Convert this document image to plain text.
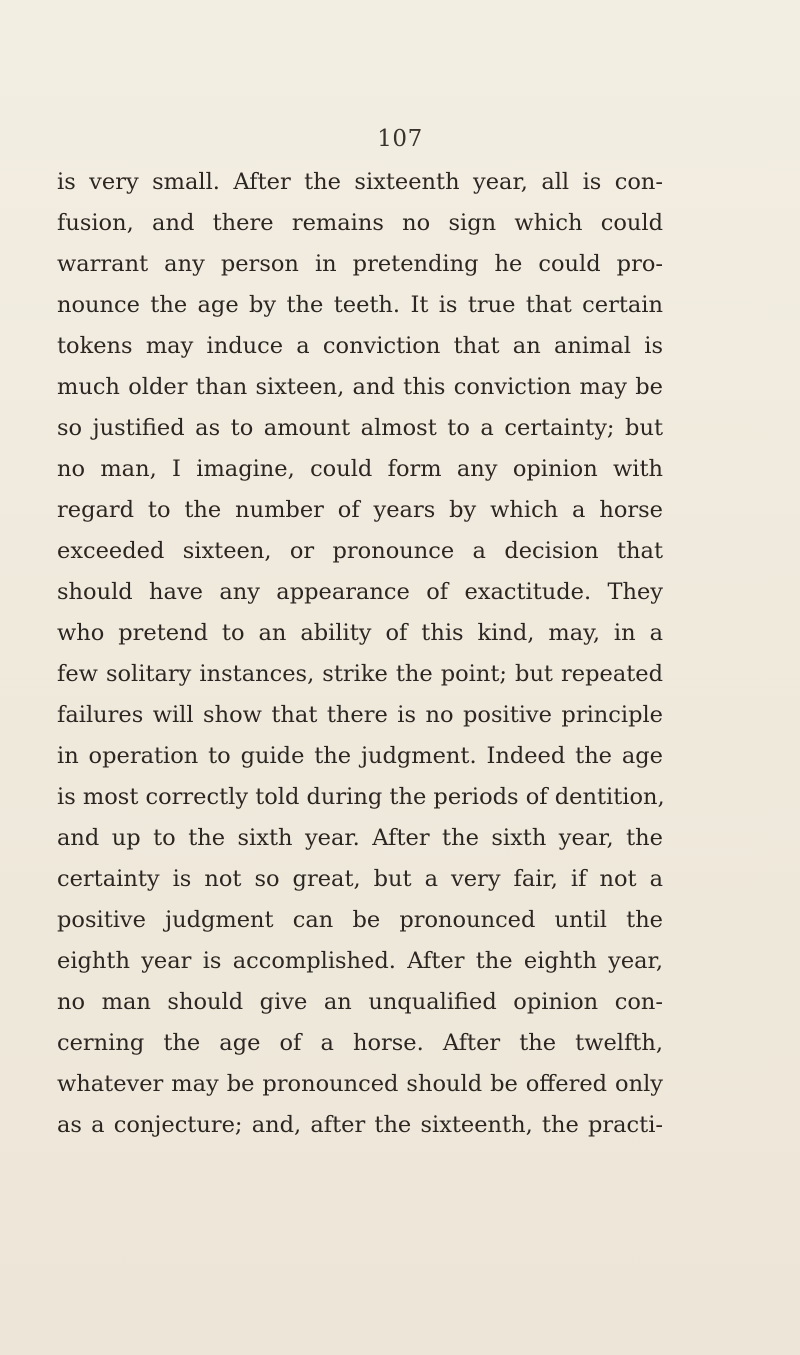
107
is very small. After the sixteenth year, all is con-
fusion, and there remains no sign which could
warrant any person in pretending he could pro-
nounce the age by the teeth. It is true that certain
tokens may induce a conviction that an animal is
much older than sixteen, and this conviction may be
so justified as to amount almost to a certainty; but
no man, I imagine, could form any opinion with
regard to the number of years by which a horse
exceeded sixteen, or pronounce a decision that
should have any appearance of exactitude. They
who pretend to an ability of this kind, may, in a
few solitary instances, strike the point; but repeated
failures will show that there is no positive principle
in operation to guide the judgment. Indeed the age
is most correctly told during the periods of dentition,
and up to the sixth year. After the sixth year, the
certainty is not so great, but a very fair, if not a
positive judgment can be pronounced until the
eighth year is accomplished. After the eighth year,
no man should give an unqualified opinion con-
cerning the age of a horse. After the twelfth,
whatever may be pronounced should be offered only
as a conjecture; and, after the sixteenth, the practi-
